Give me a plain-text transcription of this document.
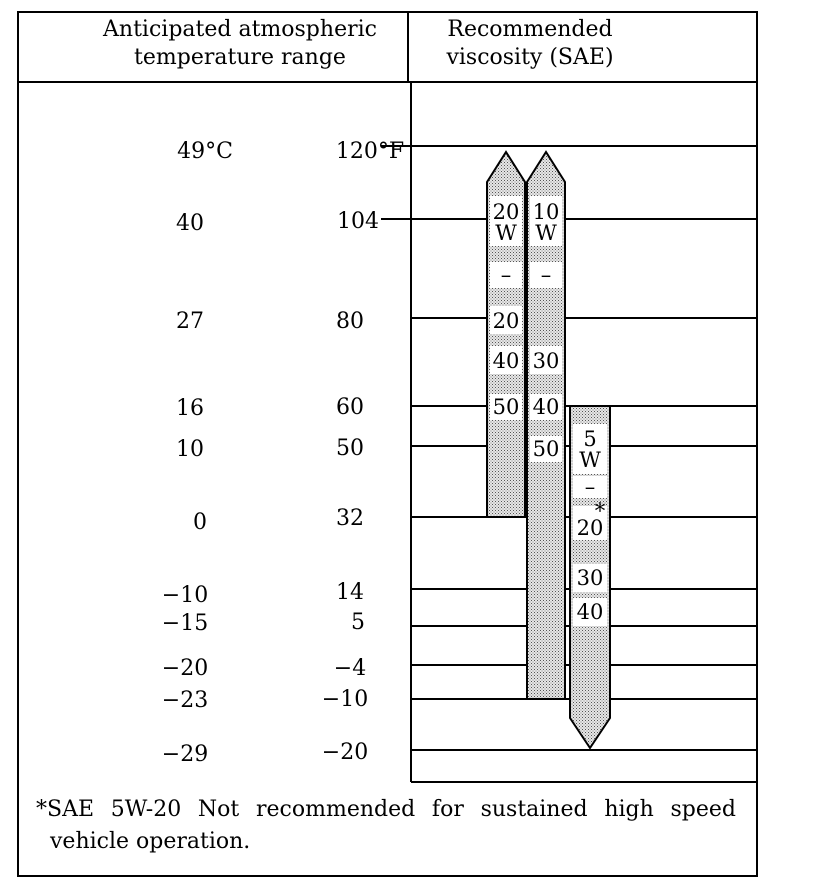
20
W
–
20
40
50
10
W
–
30
40
50 5
W
–
*
20
30
40
Anticipated atmospheric
temperature range
Recommended
viscosity (SAE)
49°C	120°F
40	104
27	80
16	60
10	50
0	32
−10	14
−15	5
−20	−4
−23	−10
−29	−20
*SAE 5W-20 Not recommended for sustained high speed
vehicle operation.
